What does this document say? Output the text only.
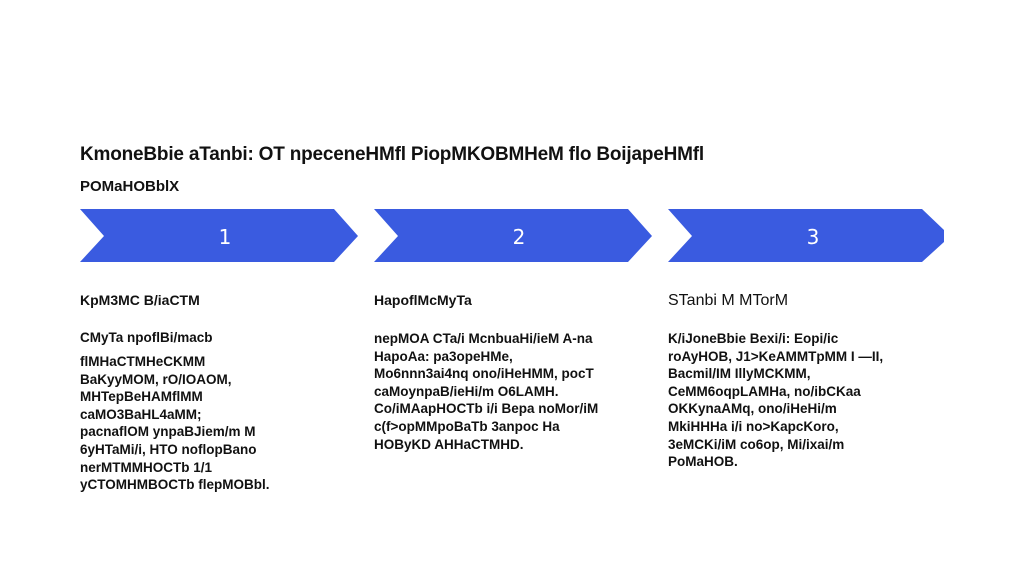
KmoneBbie aTanbi: OT npeceneHMfl PiopMKOBMHeM flo BoijapeHMfl
POMaHOBblX
1	2	3
KpM3MC B/iaCTM
CMyTa npoflBi/macb
flMHaCTMHeCKMM
BaKyyMOM, rO/IOAOM,
MHTepBeHAMflMM
caMO3BaHL4aMM;
pacnaflOM ynpaBJiem/m M
6yHTaMi/i, HTO noflopBano
nerMTMMHOCTb 1/1
yCTOMHMBOCTb flepMOBbl.
HapoflMcMyTa
nepMOA CTa/i McnbuaHi/ieM A-na
HapoAa: pa3opeHMe,
Mo6nnn3ai4nq ono/iHeHMM, pocT
caMoynpaB/ieHi/m O6LAMH.
Co/iMAapHOCTb i/i Bepa noMor/iM
c(f>opMMpoBaTb 3anpoc Ha
HOByKD AHHaCTMHD.
STanbi M MTorM
K/iJoneBbie Bexi/i: Eopi/ic
roAyHOB, J1>KeAMMTpMM I —II,
Bacmil/IM IllyMCKMM,
CeMM6oqpLAMHa, no/ibCKaa
OKKynaAMq, ono/iHeHi/m
MkiHHHa i/i no>KapcKoro,
3eMCKi/iM co6op, Mi/ixai/m
PoMaHOB.
